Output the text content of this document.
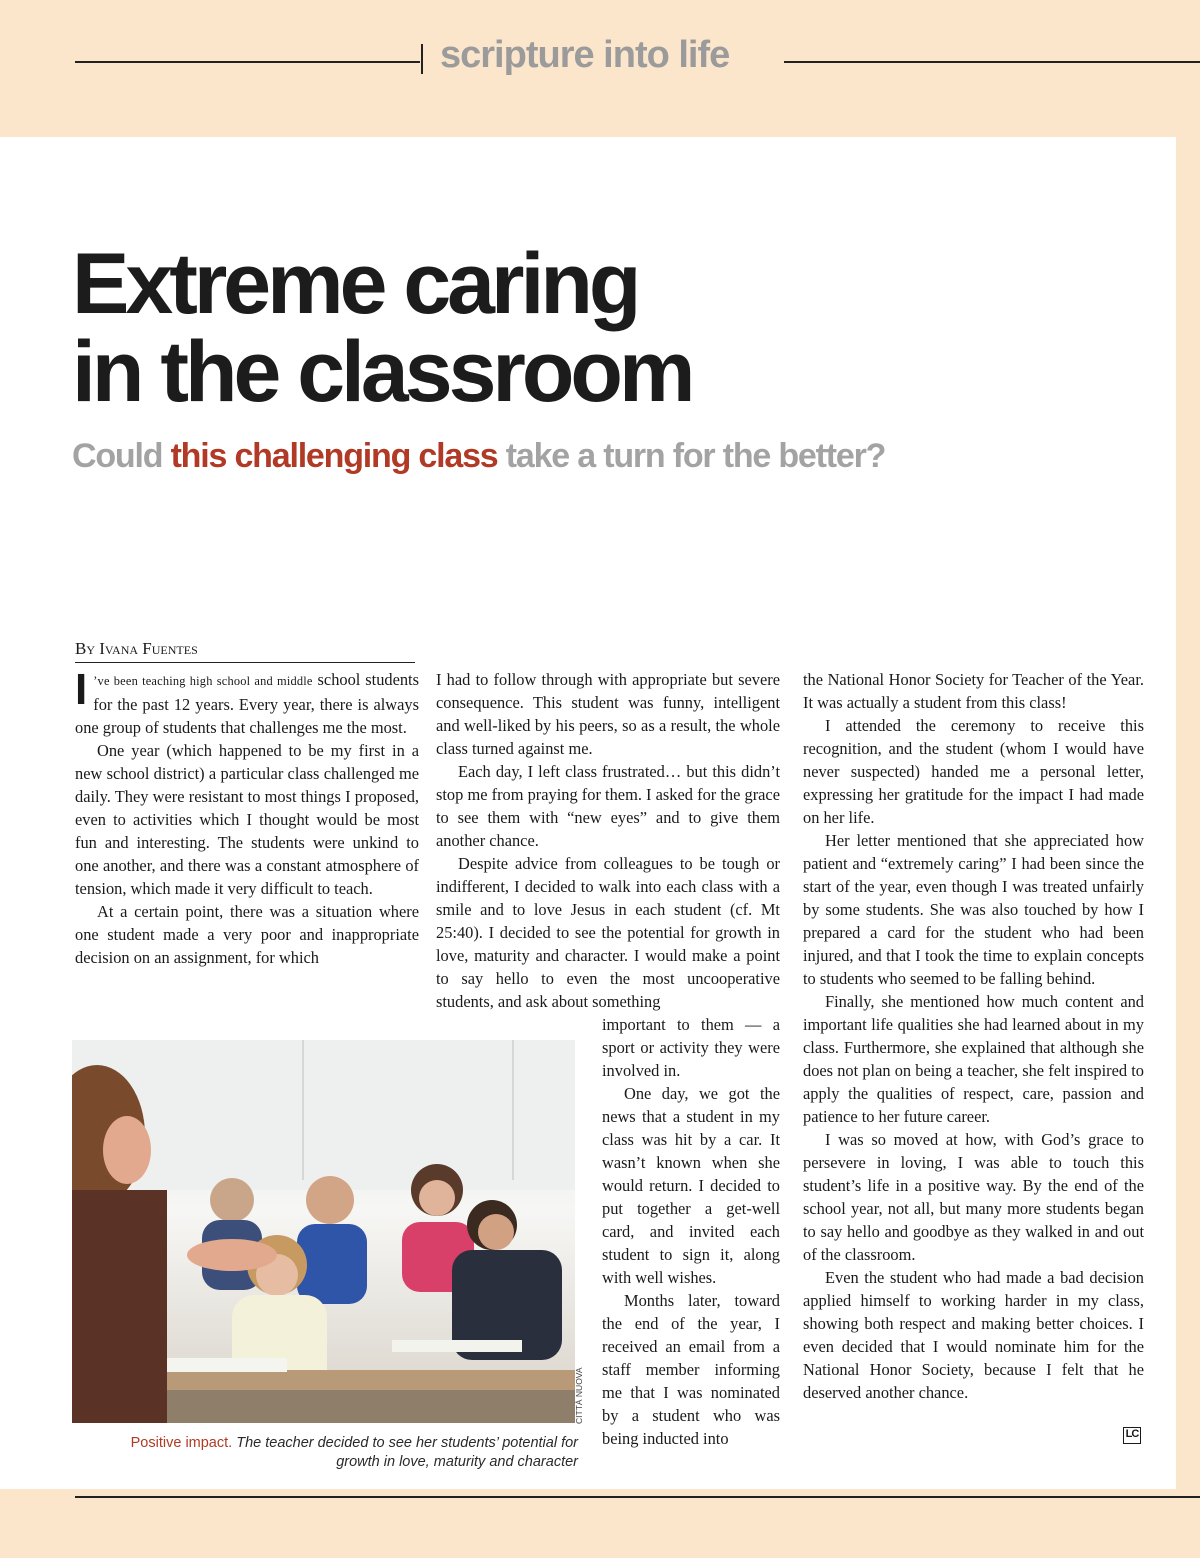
scripture into life
Extreme caring
in the classroom
Could this challenging class take a turn for the better?
By Ivana Fuentes

I ’ve been teaching high school and middle school students for the past 12 years. Every year, there is always one group of students that challenges me the most.

One year (which happened to be my first in a new school district) a particular class challenged me daily. They were resistant to most things I proposed, even to activities which I thought would be most fun and interesting. The students were unkind to one another, and there was a constant atmosphere of tension, which made it very difficult to teach.

At a certain point, there was a situation where one student made a very poor and inappropriate decision on an assignment, for which

I had to follow through with appropriate but severe consequence. This student was funny, intelligent and well-liked by his peers, so as a result, the whole class turned against me.

Each day, I left class frustrated… but this didn’t stop me from praying for them. I asked for the grace to see them with “new eyes” and to give them another chance.

Despite advice from colleagues to be tough or indifferent, I decided to walk into each class with a smile and to love Jesus in each student (cf. Mt 25:40). I decided to see the potential for growth in love, maturity and character. I would make a point to say hello to even the most uncooperative students, and ask about something

important to them — a sport or activity they were involved in.

One day, we got the news that a student in my class was hit by a car. It wasn’t known when she would return. I decided to put together a get-well card, and invited each student to sign it, along with well wishes.

Months later, toward the end of the year, I received an email from a staff member informing me that I was nominated by a student who was being inducted into

the National Honor Society for Teacher of the Year. It was actually a student from this class!

I attended the ceremony to receive this recognition, and the student (whom I would have never suspected) handed me a personal letter, expressing her gratitude for the impact I had made on her life.

Her letter mentioned that she appreciated how patient and “extremely caring” I had been since the start of the year, even though I was treated unfairly by some students. She was also touched by how I prepared a card for the student who had been injured, and that I took the time to explain concepts to students who seemed to be falling behind.

Finally, she mentioned how much content and important life qualities she had learned about in my class. Furthermore, she explained that although she does not plan on being a teacher, she felt inspired to apply the qualities of respect, care, passion and patience to her future career.

I was so moved at how, with God’s grace to persevere in loving, I was able to touch this student’s life in a positive way. By the end of the school year, not all, but many more students began to say hello and goodbye as they walked in and out of the classroom.

Even the student who had made a bad decision applied himself to working harder in my class, showing both respect and making better choices. I even decided that I would nominate him for the National Honor Society, because I felt that he deserved another chance.

LC
CITTÀ NUOVA
Positive impact. The teacher decided to see her students’ potential for growth in love, maturity and character
